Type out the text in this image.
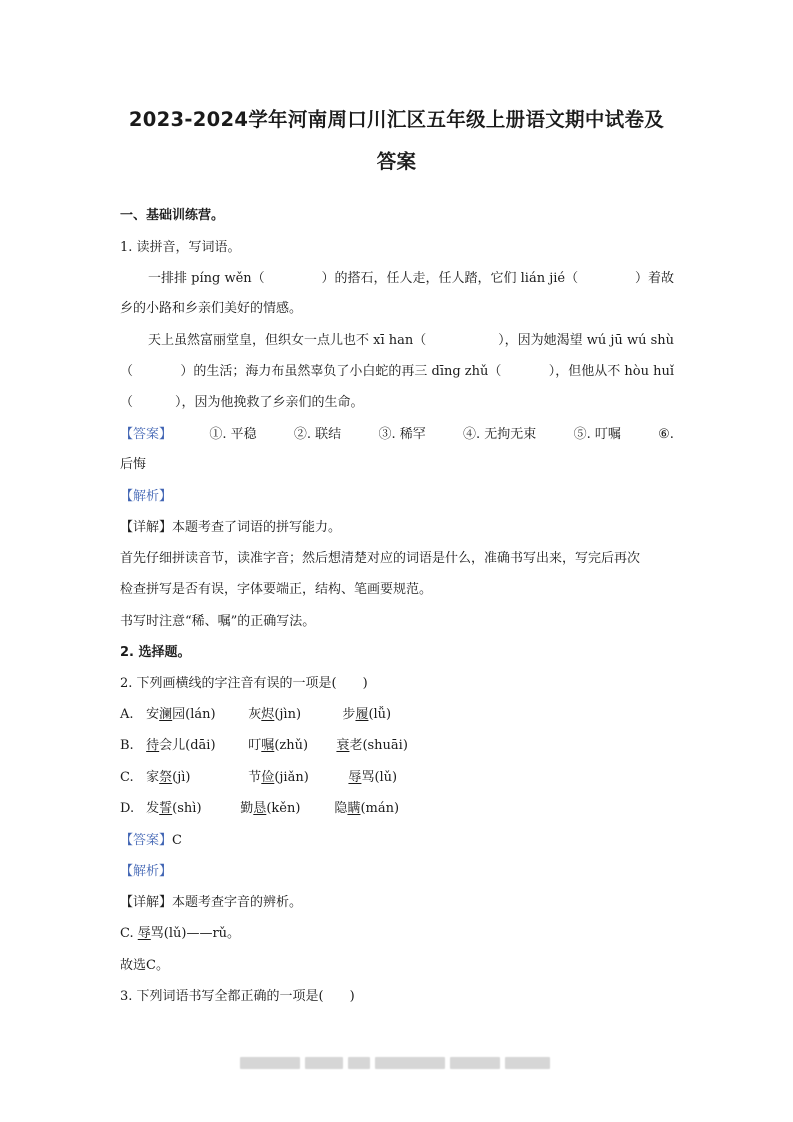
2023-2024学年河南周口川汇区五年级上册语文期中试卷及
答案
一、基础训练营。
1. 读拼音，写词语。
一排排 píng wěn（	）的搭石，任人走，任人踏，它们 lián jié（	）着故
乡的小路和乡亲们美好的情感。
天上虽然富丽堂皇，但织女一点儿也不 xī han（	），因为她渴望 wú jū wú shù
（	）的生活；海力布虽然辜负了小白蛇的再三 dīng zhǔ（	），但他从不 hòu huǐ
（	），因为他挽救了乡亲们的生命。
【答案】	①. 平稳	②. 联结	③. 稀罕	④. 无拘无束	⑤. 叮嘱	⑥.
后悔
【解析】
【详解】本题考查了词语的拼写能力。
首先仔细拼读音节，读准字音；然后想清楚对应的词语是什么，准确书写出来，写完后再次
检查拼写是否有误，字体要端正，结构、笔画要规范。
书写时注意“稀、嘱”的正确写法。
2. 选择题。
2. 下列画横线的字注音有误的一项是(　　)
A. 安澜园(lán)	灰烬(jìn)	步履(lǚ)
B. 待会儿(dāi)	叮嘱(zhǔ) 衰老(shuāi)
C. 家祭(jì)	节俭(jiǎn)	辱骂(lǔ)
D. 发誓(shì)	勤恳(kěn)	隐瞒(mán)
【答案】C
【解析】
【详解】本题考查字音的辨析。
C. 辱骂(lǔ)——rǔ。
故选C。
3. 下列词语书写全都正确的一项是(　　)
